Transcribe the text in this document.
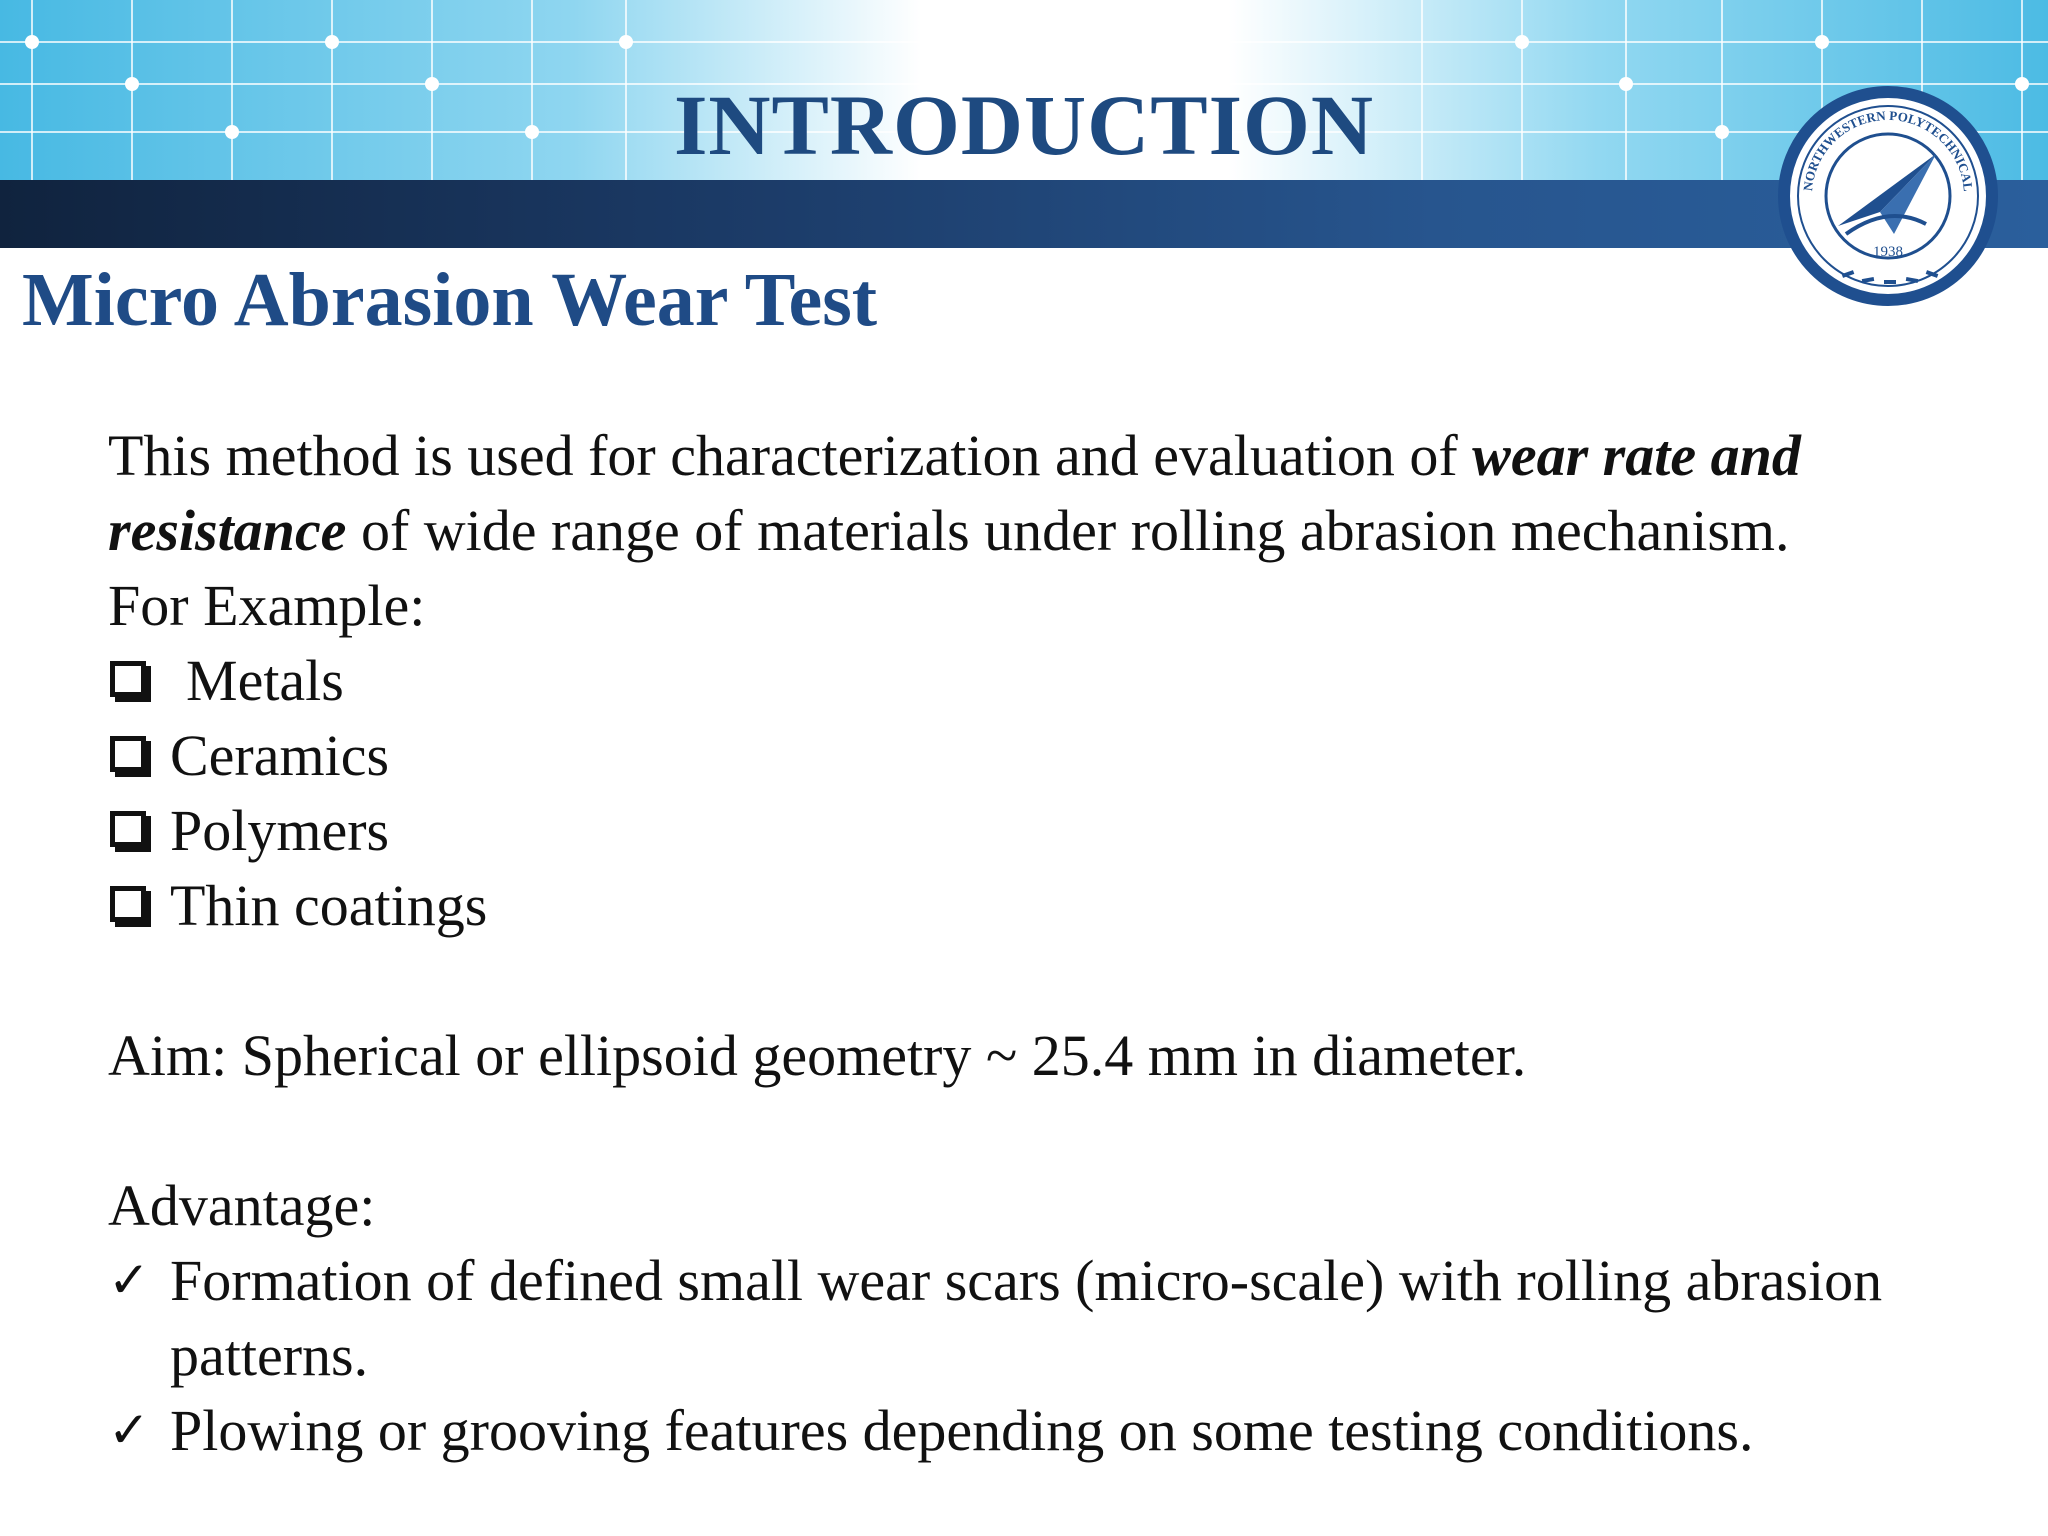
INTRODUCTION
NORTHWESTERN POLYTECHNICAL
1938
Micro Abrasion Wear Test

This method is used for characterization and evaluation of wear rate and resistance of wide range of materials under rolling abrasion mechanism.

For Example:

Metals
Ceramics
Polymers
Thin coatings

Aim: Spherical or ellipsoid geometry ~ 25.4 mm in diameter.

Advantage:

✓ Formation of defined small wear scars (micro-scale) with rolling abrasion patterns.
✓ Plowing or grooving features depending on some testing conditions.
